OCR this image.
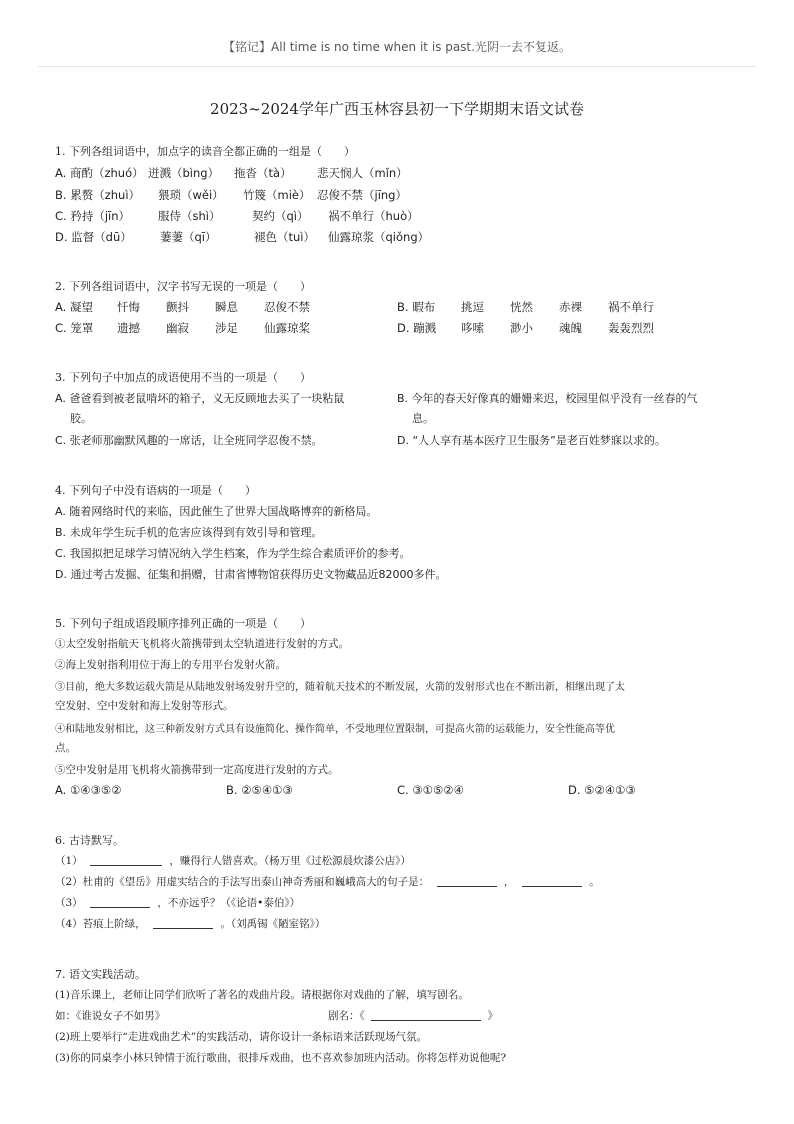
【铭记】All time is no time when it is past.光阴一去不复返。
2023~2024学年广西玉林容县初一下学期期末语文试卷
1. 下列各组词语中，加点字的读音全都正确的一组是（　　）
A. 商酌（zhuó） 迸溅（bìng） 拖沓（tà） 悲天悯人（mǐn）
B. 累赘（zhuì） 猥琐（wěi） 竹篾（miè） 忍俊不禁（jīng）
C. 矜持（jīn） 服侍（shì）	契约（qì） 祸不单行（huò）
D. 监督（dū） 萋萋（qī）	褪色（tuì） 仙露琼浆（qiǒng）
2. 下列各组词语中，汉字书写无误的一项是（　　）
A. 凝望 忏悔 颤抖 瞬息 忍俊不禁	B. 暇布 挑逗 恍然 赤裸 祸不单行
C. 笼罩 遗撼 幽寂 涉足 仙露琼桨	D. 蹦溅 哆嗦 渺小 魂魄 轰轰烈烈
3. 下列句子中加点的成语使用不当的一项是（　　）
A. 爸爸看到被老鼠啃坏的箱子，义无反顾地去买了一块粘鼠
胶。
B. 今年的春天好像真的姗姗来迟，校园里似乎没有一丝春的气
息。
C. 张老师那幽默风趣的一席话，让全班同学忍俊不禁。	D. “人人享有基本医疗卫生服务”是老百姓梦寐以求的。
4. 下列句子中没有语病的一项是（　　）
A. 随着网络时代的来临，因此催生了世界大国战略博弈的新格局。
B. 未成年学生玩手机的危害应该得到有效引导和管理。
C. 我国拟把足球学习情况纳入学生档案，作为学生综合素质评价的参考。
D. 通过考古发掘、征集和捐赠，甘肃省博物馆获得历史文物藏品近82000多件。
5. 下列句子组成语段顺序排列正确的一项是（　　）
①太空发射指航天飞机将火箭携带到太空轨道进行发射的方式。
②海上发射指利用位于海上的专用平台发射火箭。
③目前，绝大多数运载火箭是从陆地发射场发射升空的，随着航天技术的不断发展，火箭的发射形式也在不断出新，相继出现了太
空发射、空中发射和海上发射等形式。
④和陆地发射相比，这三种新发射方式具有设施简化、操作简单，不受地理位置限制，可提高火箭的运载能力，安全性能高等优
点。
⑤空中发射是用飞机将火箭携带到一定高度进行发射的方式。
A. ①④③⑤②	B. ②⑤④①③	C. ③①⑤②④	D. ⑤②④①③
6. 古诗默写。
（1）	，赚得行人错喜欢。（杨万里《过松源晨炊漆公店》）
（2）杜甫的《望岳》用虚实结合的手法写出泰山神奇秀丽和巍峨高大的句子是：	，	。
（3）	，不亦远乎？（《论语•泰伯》）
（4）苔痕上阶绿，	。（刘禹锡《陋室铭》）
7. 语文实践活动。
(1)音乐课上，老师让同学们欣听了著名的戏曲片段。请根据你对戏曲的了解，填写剧名。
如：《谁说女子不如男》	剧名：《	》
(2)班上要举行“走进戏曲艺术”的实践活动，请你设计一条标语来活跃现场气氛。
(3)你的同桌李小林只钟情于流行歌曲，很排斥戏曲，也不喜欢参加班内活动。你将怎样劝说他呢?
